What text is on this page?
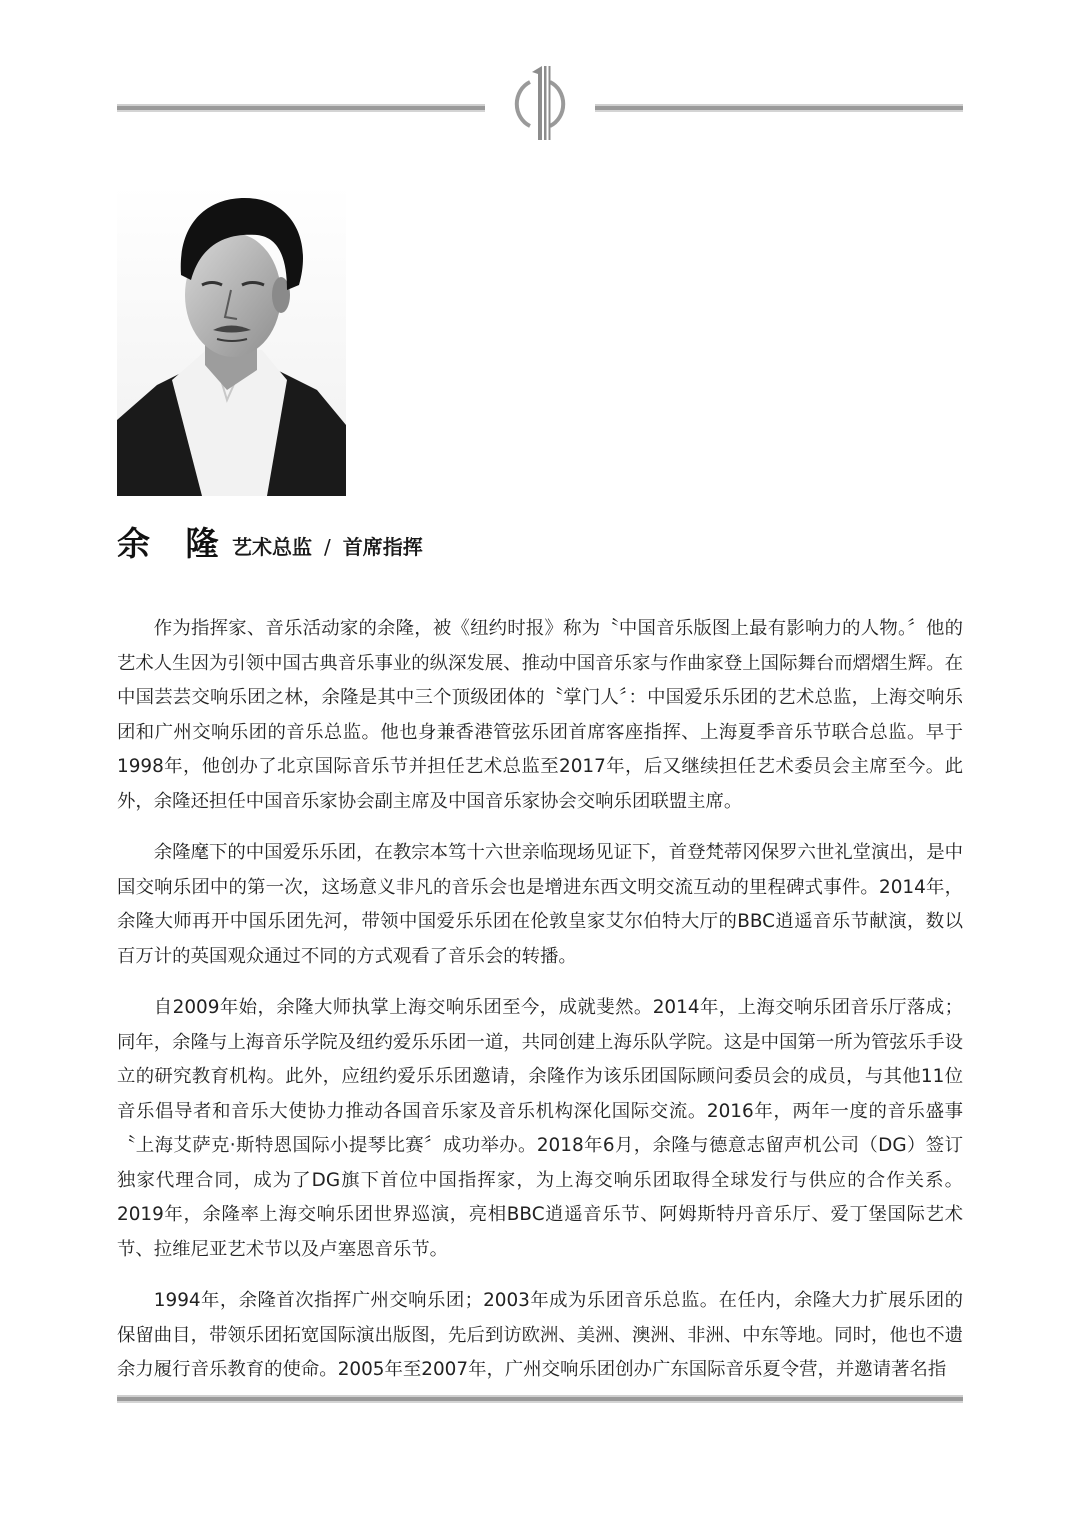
余 隆 艺术总监 / 首席指挥

作为指挥家、音乐活动家的余隆，被《纽约时报》称为〝中国音乐版图上最有影响力的人物。〞他的艺术人生因为引领中国古典音乐事业的纵深发展、推动中国音乐家与作曲家登上国际舞台而熠熠生辉。在中国芸芸交响乐团之林，余隆是其中三个顶级团体的〝掌门人〞：中国爱乐乐团的艺术总监，上海交响乐团和广州交响乐团的音乐总监。他也身兼香港管弦乐团首席客座指挥、上海夏季音乐节联合总监。早于1998年，他创办了北京国际音乐节并担任艺术总监至2017年，后又继续担任艺术委员会主席至今。此外，余隆还担任中国音乐家协会副主席及中国音乐家协会交响乐团联盟主席。

余隆麾下的中国爱乐乐团，在教宗本笃十六世亲临现场见证下，首登梵蒂冈保罗六世礼堂演出，是中国交响乐团中的第一次，这场意义非凡的音乐会也是增进东西文明交流互动的里程碑式事件。2014年，余隆大师再开中国乐团先河，带领中国爱乐乐团在伦敦皇家艾尔伯特大厅的BBC逍遥音乐节献演，数以百万计的英国观众通过不同的方式观看了音乐会的转播。

自2009年始，余隆大师执掌上海交响乐团至今，成就斐然。2014年，上海交响乐团音乐厅落成；同年，余隆与上海音乐学院及纽约爱乐乐团一道，共同创建上海乐队学院。这是中国第一所为管弦乐手设立的研究教育机构。此外，应纽约爱乐乐团邀请，余隆作为该乐团国际顾问委员会的成员，与其他11位音乐倡导者和音乐大使协力推动各国音乐家及音乐机构深化国际交流。2016年，两年一度的音乐盛事〝上海艾萨克·斯特恩国际小提琴比赛〞成功举办。2018年6月，余隆与德意志留声机公司（DG）签订独家代理合同，成为了DG旗下首位中国指挥家，为上海交响乐团取得全球发行与供应的合作关系。2019年，余隆率上海交响乐团世界巡演，亮相BBC逍遥音乐节、阿姆斯特丹音乐厅、爱丁堡国际艺术节、拉维尼亚艺术节以及卢塞恩音乐节。

1994年，余隆首次指挥广州交响乐团；2003年成为乐团音乐总监。在任内，余隆大力扩展乐团的保留曲目，带领乐团拓宽国际演出版图，先后到访欧洲、美洲、澳洲、非洲、中东等地。同时，他也不遗余力履行音乐教育的使命。2005年至2007年，广州交响乐团创办广东国际音乐夏令营，并邀请著名指
